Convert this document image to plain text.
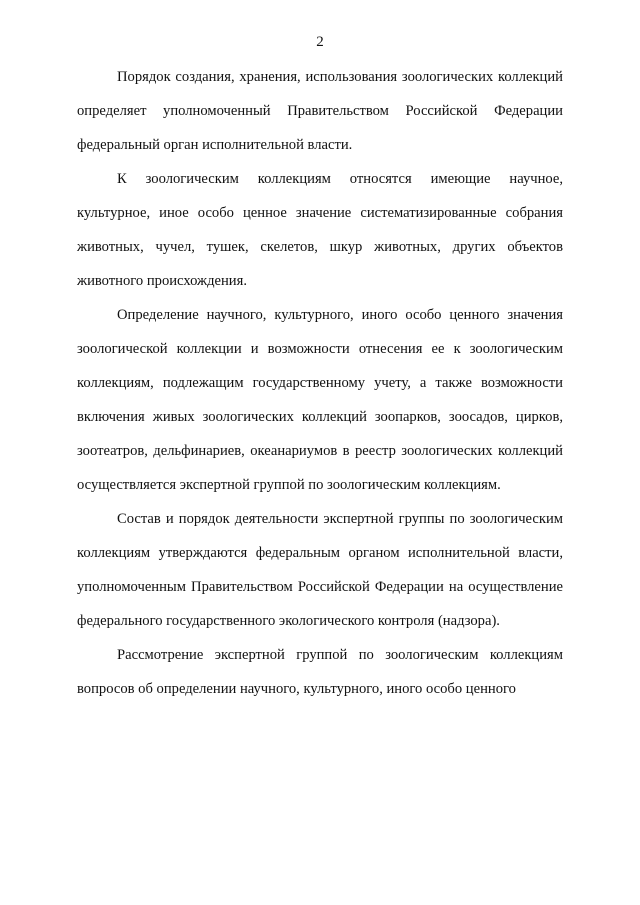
2

Порядок создания, хранения, использования зоологических коллекций определяет уполномоченный Правительством Российской Федерации федеральный орган исполнительной власти.

К зоологическим коллекциям относятся имеющие научное, культурное, иное особо ценное значение систематизированные собрания животных, чучел, тушек, скелетов, шкур животных, других объектов животного происхождения.

Определение научного, культурного, иного особо ценного значения зоологической коллекции и возможности отнесения ее к зоологическим коллекциям, подлежащим государственному учету, а также возможности включения живых зоологических коллекций зоопарков, зоосадов, цирков, зоотеатров, дельфинариев, океанариумов в реестр зоологических коллекций осуществляется экспертной группой по зоологическим коллекциям.

Состав и порядок деятельности экспертной группы по зоологическим коллекциям утверждаются федеральным органом исполнительной власти, уполномоченным Правительством Российской Федерации на осуществление федерального государственного экологического контроля (надзора).

Рассмотрение экспертной группой по зоологическим коллекциям вопросов об определении научного, культурного, иного особо ценного
